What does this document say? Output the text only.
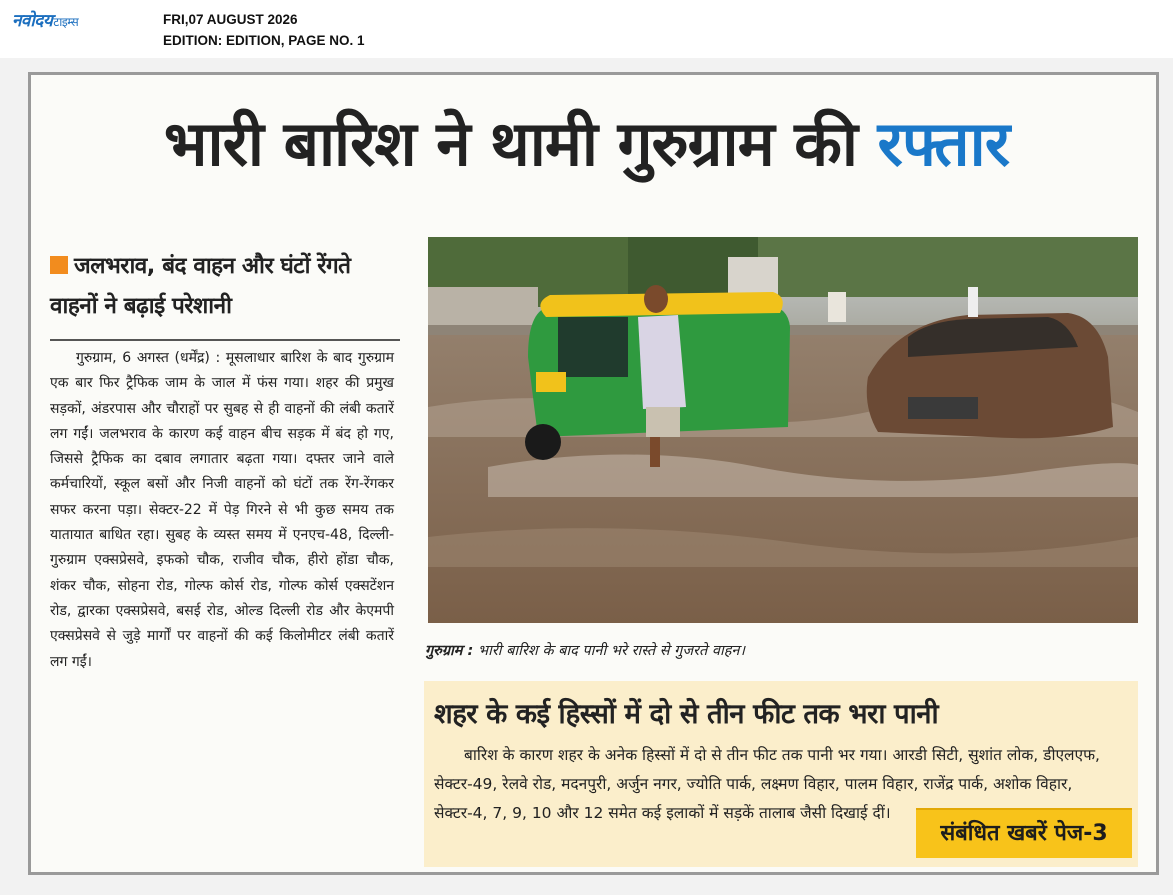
नवोदयटाइम्स	FRI,07 AUGUST 2026
EDITION: EDITION, PAGE NO. 1
भारी बारिश ने थामी गुरुग्राम की रफ्तार
जलभराव, बंद वाहन और घंटों रेंगते वाहनों ने बढ़ाई परेशानी
गुरुग्राम, 6 अगस्त (धर्मेंद्र) : मूसलाधार बारिश के बाद गुरुग्राम एक बार फिर ट्रैफिक जाम के जाल में फंस गया। शहर की प्रमुख सड़कों, अंडरपास और चौराहों पर सुबह से ही वाहनों की लंबी कतारें लग गईं। जलभराव के कारण कई वाहन बीच सड़क में बंद हो गए, जिससे ट्रैफिक का दबाव लगातार बढ़ता गया। दफ्तर जाने वाले कर्मचारियों, स्कूल बसों और निजी वाहनों को घंटों तक रेंग-रेंगकर सफर करना पड़ा। सेक्टर-22 में पेड़ गिरने से भी कुछ समय तक यातायात बाधित रहा। सुबह के व्यस्त समय में एनएच-48, दिल्ली-गुरुग्राम एक्सप्रेसवे, इफको चौक, राजीव चौक, हीरो होंडा चौक, शंकर चौक, सोहना रोड, गोल्फ कोर्स रोड, गोल्फ कोर्स एक्सटेंशन रोड, द्वारका एक्सप्रेसवे, बसई रोड, ओल्ड दिल्ली रोड और केएमपी एक्सप्रेसवे से जुड़े मार्गों पर वाहनों की कई किलोमीटर लंबी कतारें लग गईं।
गुरुग्राम : भारी बारिश के बाद पानी भरे रास्ते से गुजरते वाहन।
शहर के कई हिस्सों में दो से तीन फीट तक भरा पानी
बारिश के कारण शहर के अनेक हिस्सों में दो से तीन फीट तक पानी भर गया। आरडी सिटी, सुशांत लोक, डीएलएफ, सेक्टर-49, रेलवे रोड, मदनपुरी, अर्जुन नगर, ज्योति पार्क, लक्ष्मण विहार, पालम विहार, राजेंद्र पार्क, अशोक विहार, सेक्टर-4, 7, 9, 10 और 12 समेत कई इलाकों में सड़कें तालाब जैसी दिखाई दीं।
संबंधित खबरें पेज-3
